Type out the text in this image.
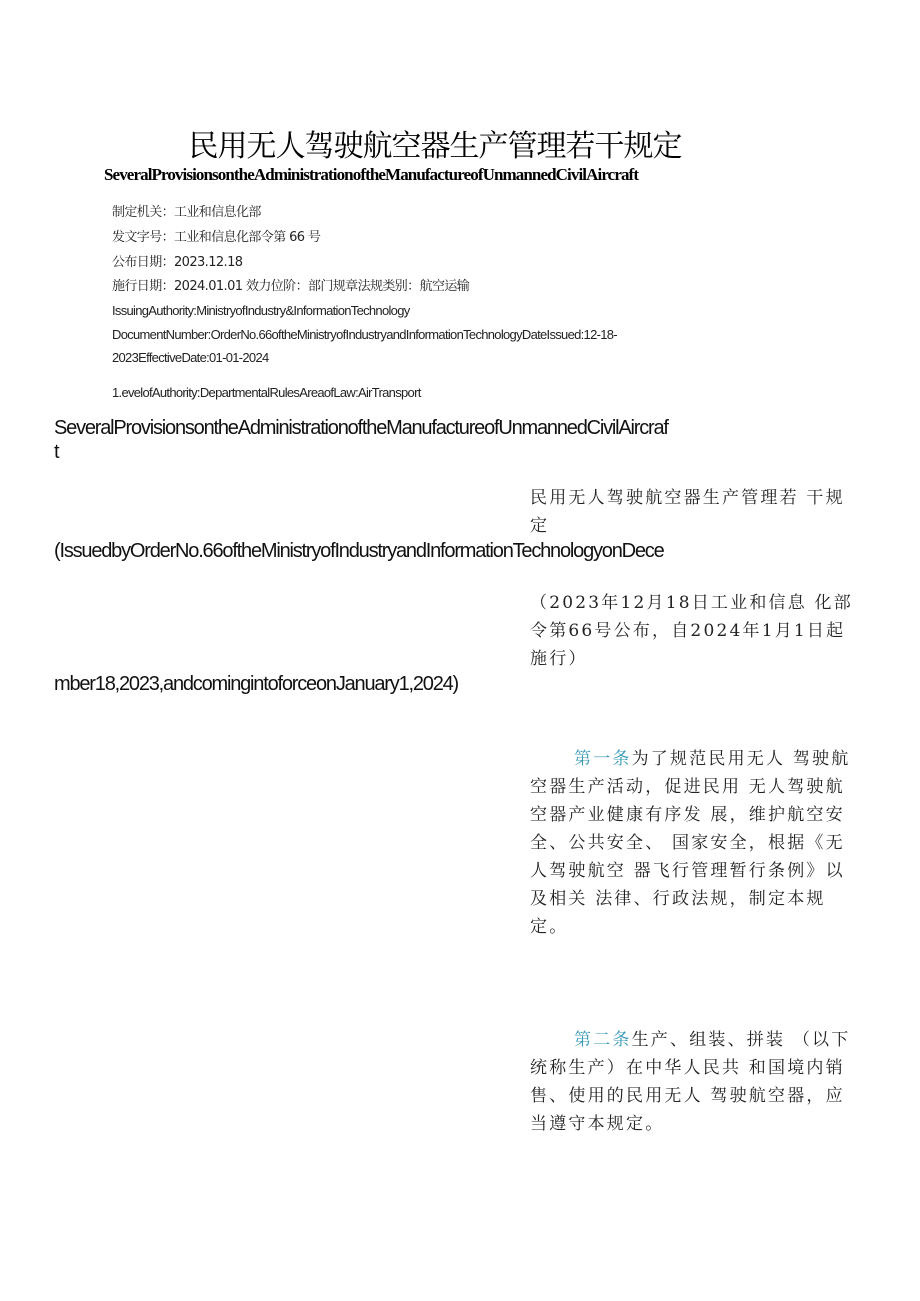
民用无人驾驶航空器生产管理若干规定
SeveralProvisionsontheAdministrationoftheManufactureofUnmannedCivilAircraft
制定机关：工业和信息化部
发文字号：工业和信息化部令第 66 号
公布日期：2023.12.18
施行日期：2024.01.01 效力位阶：部门规章法规类别：航空运输
IssuingAuthority:MinistryofIndustry&InformationTechnology
DocumentNumber:OrderNo.66oftheMinistryofIndustryandInformationTechnologyDateIssued:12-18-
2023EffectiveDate:01-01-2024
1.evelofAuthority:DepartmentalRulesAreaofLaw:AirTransport
SeveralProvisionsontheAdministrationoftheManufactureofUnmannedCivilAircraf
t
民用无人驾驶航空器生产管理若 干规定
(IssuedbyOrderNo.66oftheMinistryofIndustryandInformationTechnologyonDece
（2023年12月18日工业和信息 化部令第66号公布，自2024年1月1日起施行）
mber18,2023,andcomingintoforceonJanuary1,2024)
第一条为了规范民用无人 驾驶航空器生产活动，促进民用 无人驾驶航空器产业健康有序发 展，维护航空安全、公共安全、 国家安全，根据《无人驾驶航空 器飞行管理暂行条例》以及相关 法律、行政法规，制定本规定。
第二条生产、组装、拼装 （以下统称生产）在中华人民共 和国境内销售、使用的民用无人 驾驶航空器，应当遵守本规定。
